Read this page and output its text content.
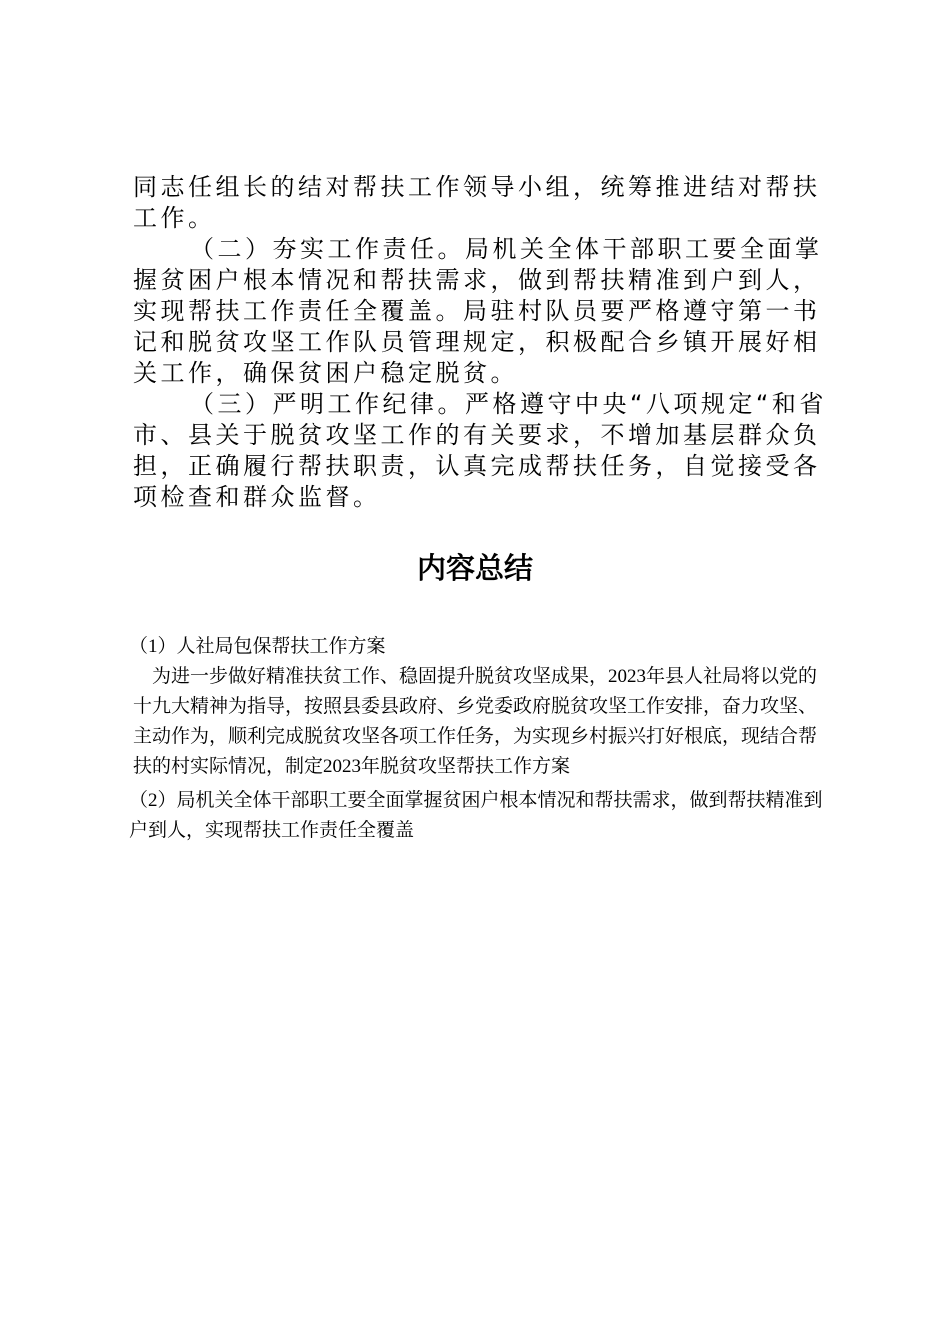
同志任组长的结对帮扶工作领导小组，统筹推进结对帮扶工作。

（二）夯实工作责任。局机关全体干部职工要全面掌握贫困户根本情况和帮扶需求，做到帮扶精准到户到人，实现帮扶工作责任全覆盖。局驻村队员要严格遵守第一书记和脱贫攻坚工作队员管理规定，积极配合乡镇开展好相关工作，确保贫困户稳定脱贫。

（三）严明工作纪律。严格遵守中央“八项规定“和省市、县关于脱贫攻坚工作的有关要求，不增加基层群众负担，正确履行帮扶职责，认真完成帮扶任务，自觉接受各项检查和群众监督。

内容总结

（1）人社局包保帮扶工作方案

为进一步做好精准扶贫工作、稳固提升脱贫攻坚成果，2023年县人社局将以党的十九大精神为指导，按照县委县政府、乡党委政府脱贫攻坚工作安排，奋力攻坚、主动作为，顺利完成脱贫攻坚各项工作任务，为实现乡村振兴打好根底，现结合帮扶的村实际情况，制定2023年脱贫攻坚帮扶工作方案

（2）局机关全体干部职工要全面掌握贫困户根本情况和帮扶需求，做到帮扶精准到户到人，实现帮扶工作责任全覆盖
